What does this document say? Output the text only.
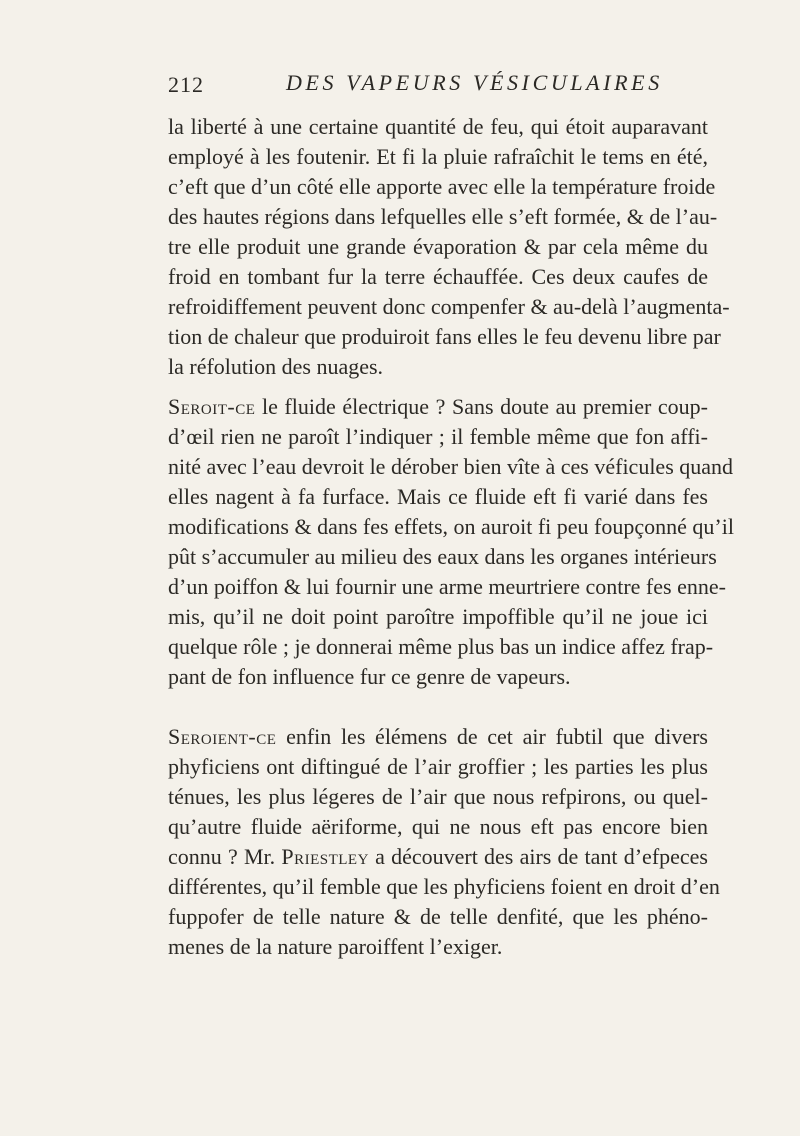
212	DES VAPEURS VÉSICULAIRES
la liberté à une certaine quantité de feu, qui étoit auparavant
employé à les foutenir. Et fi la pluie rafraîchit le tems en été,
c’eft que d’un côté elle apporte avec elle la température froide
des hautes régions dans lefquelles elle s’eft formée, & de l’au-
tre elle produit une grande évaporation & par cela même du
froid en tombant fur la terre échauffée. Ces deux caufes de
refroidiffement peuvent donc compenfer & au-delà l’augmenta-
tion de chaleur que produiroit fans elles le feu devenu libre par
la réfolution des nuages.
Seroit-ce le fluide électrique ? Sans doute au premier coup-
d’œil rien ne paroît l’indiquer ; il femble même que fon affi-
nité avec l’eau devroit le dérober bien vîte à ces véficules quand
elles nagent à fa furface. Mais ce fluide eft fi varié dans fes
modifications & dans fes effets, on auroit fi peu foupçonné qu’il
pût s’accumuler au milieu des eaux dans les organes intérieurs
d’un poiffon & lui fournir une arme meurtriere contre fes enne-
mis, qu’il ne doit point paroître impoffible qu’il ne joue ici
quelque rôle ; je donnerai même plus bas un indice affez frap-
pant de fon influence fur ce genre de vapeurs.
Seroient-ce enfin les élémens de cet air fubtil que divers
phyficiens ont diftingué de l’air groffier ; les parties les plus
ténues, les plus légeres de l’air que nous refpirons, ou quel-
qu’autre fluide aëriforme, qui ne nous eft pas encore bien
connu ? Mr. Priestley a découvert des airs de tant d’efpeces
différentes, qu’il femble que les phyficiens foient en droit d’en
fuppofer de telle nature & de telle denfité, que les phéno-
menes de la nature paroiffent l’exiger.
